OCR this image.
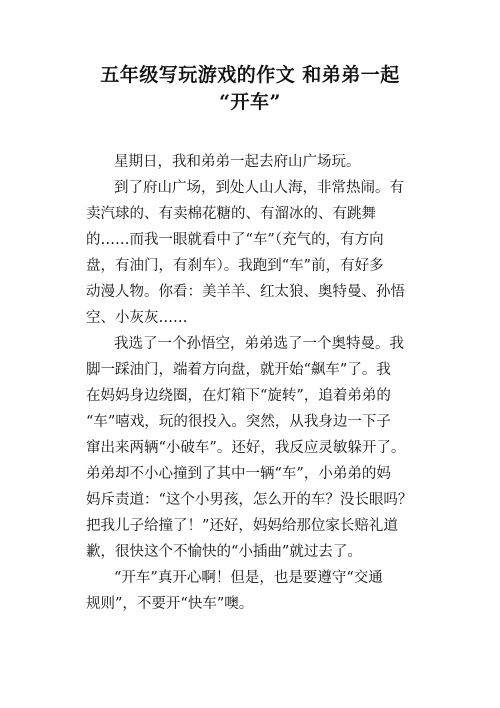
五年级写玩游戏的作文 和弟弟一起
“开车”
星期日，我和弟弟一起去府山广场玩。
到了府山广场，到处人山人海，非常热闹。有
卖汽球的、有卖棉花糖的、有溜冰的、有跳舞
的……而我一眼就看中了“车”（充气的，有方向
盘，有油门，有刹车）。我跑到“车”前，有好多
动漫人物。你看：美羊羊、红太狼、奥特曼、孙悟
空、小灰灰……
我选了一个孙悟空，弟弟选了一个奥特曼。我
脚一踩油门，端着方向盘，就开始“飙车”了。我
在妈妈身边绕圈，在灯箱下“旋转”，追着弟弟的
“车”嘻戏，玩的很投入。突然，从我身边一下子
窜出来两辆“小破车”。还好，我反应灵敏躲开了。
弟弟却不小心撞到了其中一辆“车”，小弟弟的妈
妈斥责道：“这个小男孩，怎么开的车？没长眼吗？
把我儿子给撞了！”还好，妈妈给那位家长赔礼道
歉，很快这个不愉快的“小插曲”就过去了。
“开车”真开心啊！但是，也是要遵守“交通
规则”，不要开“快车”噢。
